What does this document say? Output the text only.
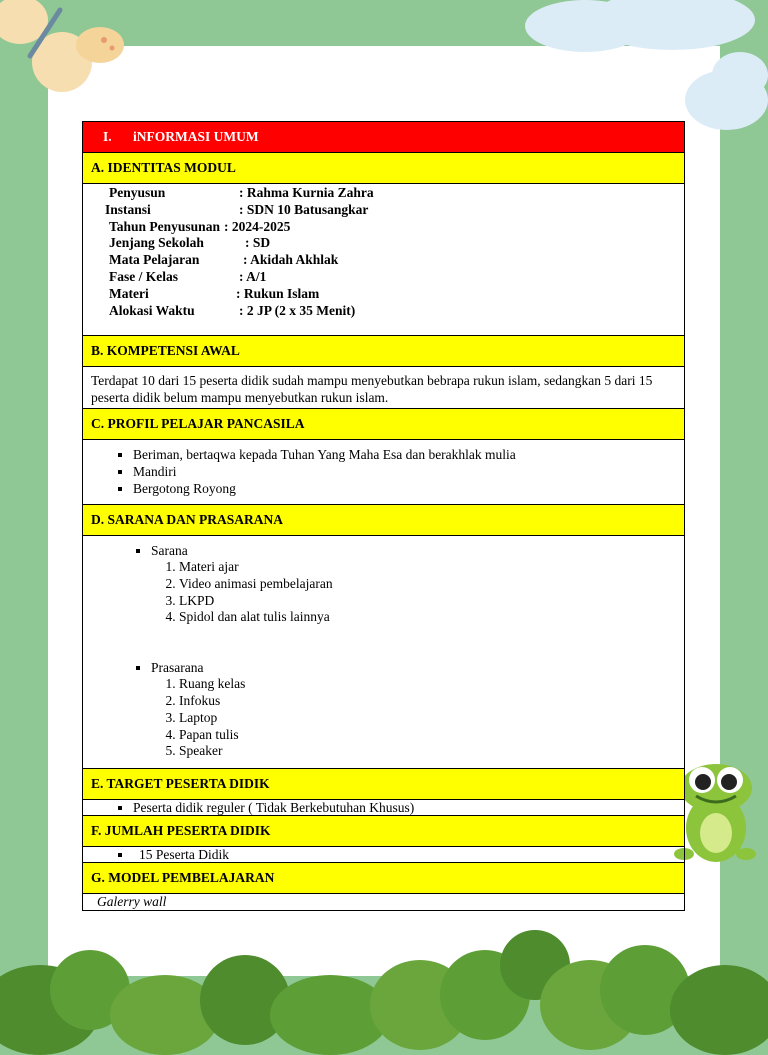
I. iNFORMASI UMUM
A. IDENTITAS MODUL

Penyusun	: Rahma Kurnia Zahra
Instansi	: SDN 10 Batusangkar
Tahun Penyusunan : 2024-2025
Jenjang Sekolah	: SD
Mata Pelajaran	: Akidah Akhlak
Fase / Kelas	: A/1
Materi	: Rukun Islam
Alokasi Waktu	: 2 JP (2 x 35 Menit)

B. KOMPETENSI AWAL

Terdapat 10 dari 15 peserta didik sudah mampu menyebutkan bebrapa rukun islam, sedangkan 5 dari 15 peserta didik belum mampu menyebutkan rukun islam.

C. PROFIL PELAJAR PANCASILA

▪ Beriman, bertaqwa kepada Tuhan Yang Maha Esa dan berakhlak mulia
▪ Mandiri
▪ Bergotong Royong

D. SARANA DAN PRASARANA

▪ Sarana
1. Materi ajar
2. Video animasi pembelajaran
3. LKPD
4. Spidol dan alat tulis lainnya
▪ Prasarana
1. Ruang kelas
2. Infokus
3. Laptop
4. Papan tulis
5. Speaker

E. TARGET PESERTA DIDIK

▪ Peserta didik reguler ( Tidak Berkebutuhan Khusus)

F. JUMLAH PESERTA DIDIK

▪ 15 Peserta Didik

G. MODEL PEMBELAJARAN

Galerry wall
